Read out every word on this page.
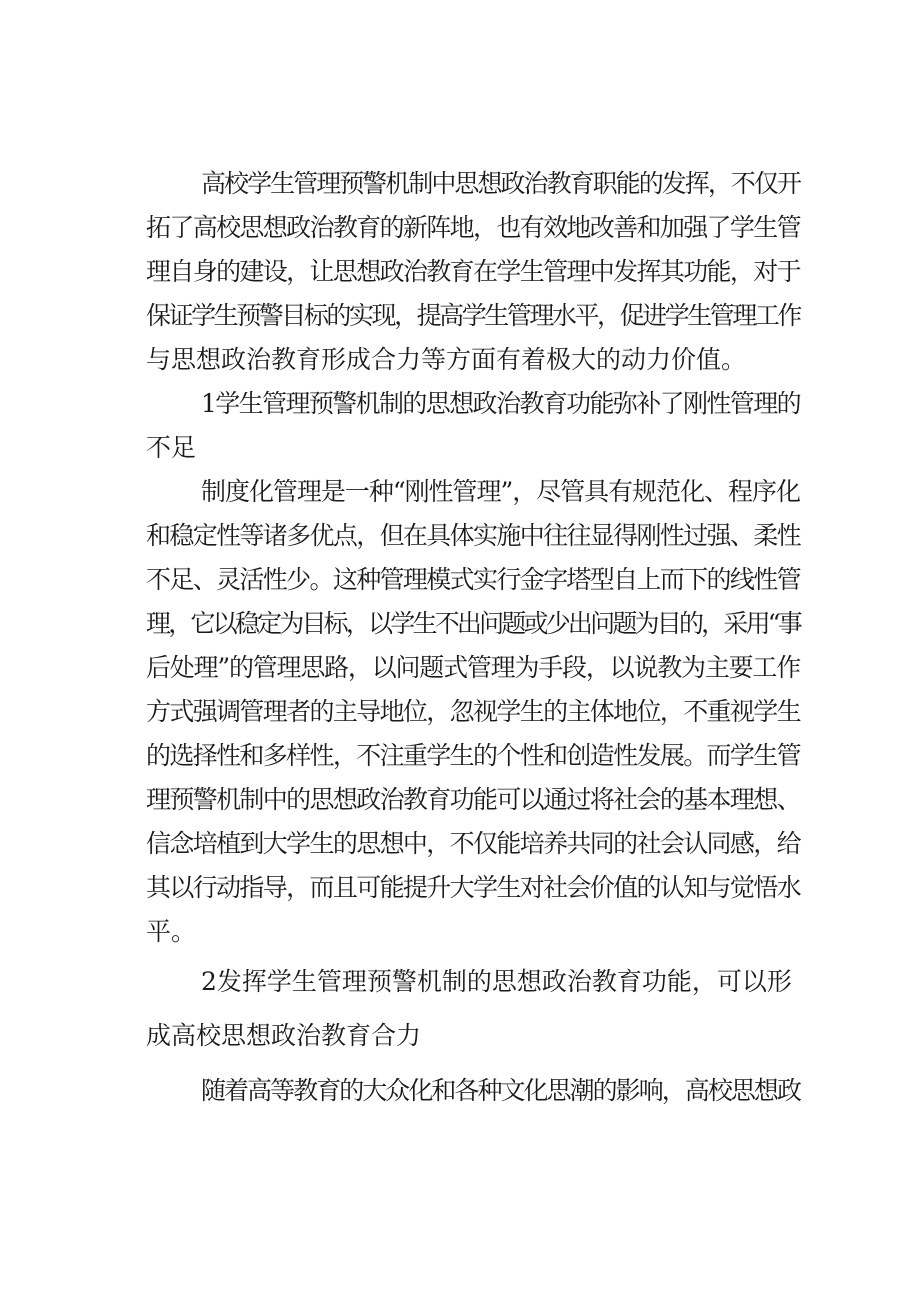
高校学生管理预警机制中思想政治教育职能的发挥，不仅开
拓了高校思想政治教育的新阵地，也有效地改善和加强了学生管
理自身的建设，让思想政治教育在学生管理中发挥其功能，对于
保证学生预警目标的实现，提高学生管理水平，促进学生管理工作
与思想政治教育形成合力等方面有着极大的动力价值。
1学生管理预警机制的思想政治教育功能弥补了刚性管理的
不足
制度化管理是一种“刚性管理”，尽管具有规范化、程序化
和稳定性等诸多优点，但在具体实施中往往显得刚性过强、柔性
不足、灵活性少。这种管理模式实行金字塔型自上而下的线性管
理，它以稳定为目标，以学生不出问题或少出问题为目的，采用“事
后处理”的管理思路，以问题式管理为手段，以说教为主要工作
方式强调管理者的主导地位，忽视学生的主体地位，不重视学生
的选择性和多样性，不注重学生的个性和创造性发展。而学生管
理预警机制中的思想政治教育功能可以通过将社会的基本理想、
信念培植到大学生的思想中，不仅能培养共同的社会认同感，给
其以行动指导，而且可能提升大学生对社会价值的认知与觉悟水
平。
2发挥学生管理预警机制的思想政治教育功能，可以形
成高校思想政治教育合力
随着高等教育的大众化和各种文化思潮的影响，高校思想政
